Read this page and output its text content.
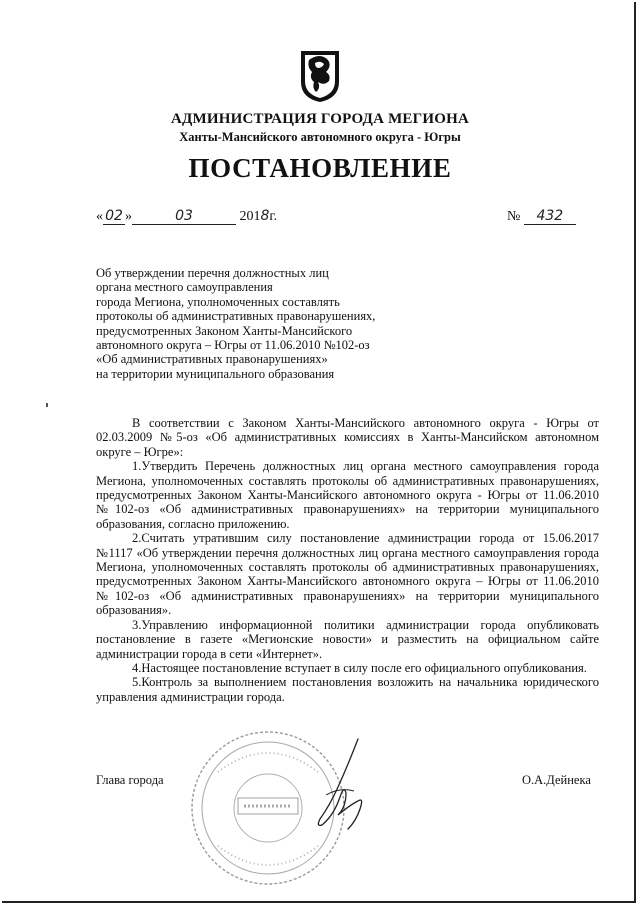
АДМИНИСТРАЦИЯ ГОРОДА МЕГИОНА
Ханты-Мансийского автономного округа - Югры
ПОСТАНОВЛЕНИЕ
« 02 »	03	2018г.	№ 432
Об утверждении перечня должностных лиц
органа местного самоуправления
города Мегиона, уполномоченных составлять
протоколы об административных правонарушениях,
предусмотренных Законом Ханты-Мансийского
автономного округа – Югры от 11.06.2010 №102-оз
«Об административных правонарушениях»
на территории муниципального образования

В соответствии с Законом Ханты-Мансийского автономного округа - Югры от 02.03.2009 №5-оз «Об административных комиссиях в Ханты-Мансийском автономном округе – Югре»:

1.Утвердить Перечень должностных лиц органа местного самоуправления города Мегиона, уполномоченных составлять протоколы об административных правонарушениях, предусмотренных Законом Ханты-Мансийского автономного округа - Югры от 11.06.2010 №102-оз «Об административных правонарушениях» на территории муниципального образования, согласно приложению.

2.Считать утратившим силу постановление администрации города от 15.06.2017 №1117 «Об утверждении перечня должностных лиц органа местного самоуправления города Мегиона, уполномоченных составлять протоколы об административных правонарушениях, предусмотренных Законом Ханты-Мансийского автономного округа – Югры от 11.06.2010 №102-оз «Об административных правонарушениях» на территории муниципального образования».

3.Управлению информационной политики администрации города опубликовать постановление в газете «Мегионские новости» и разместить на официальном сайте администрации города в сети «Интернет».

4.Настоящее постановление вступает в силу после его официального опубликования.

5.Контроль за выполнением постановления возложить на начальника юридического управления администрации города.

Глава города	О.А.Дейнека
